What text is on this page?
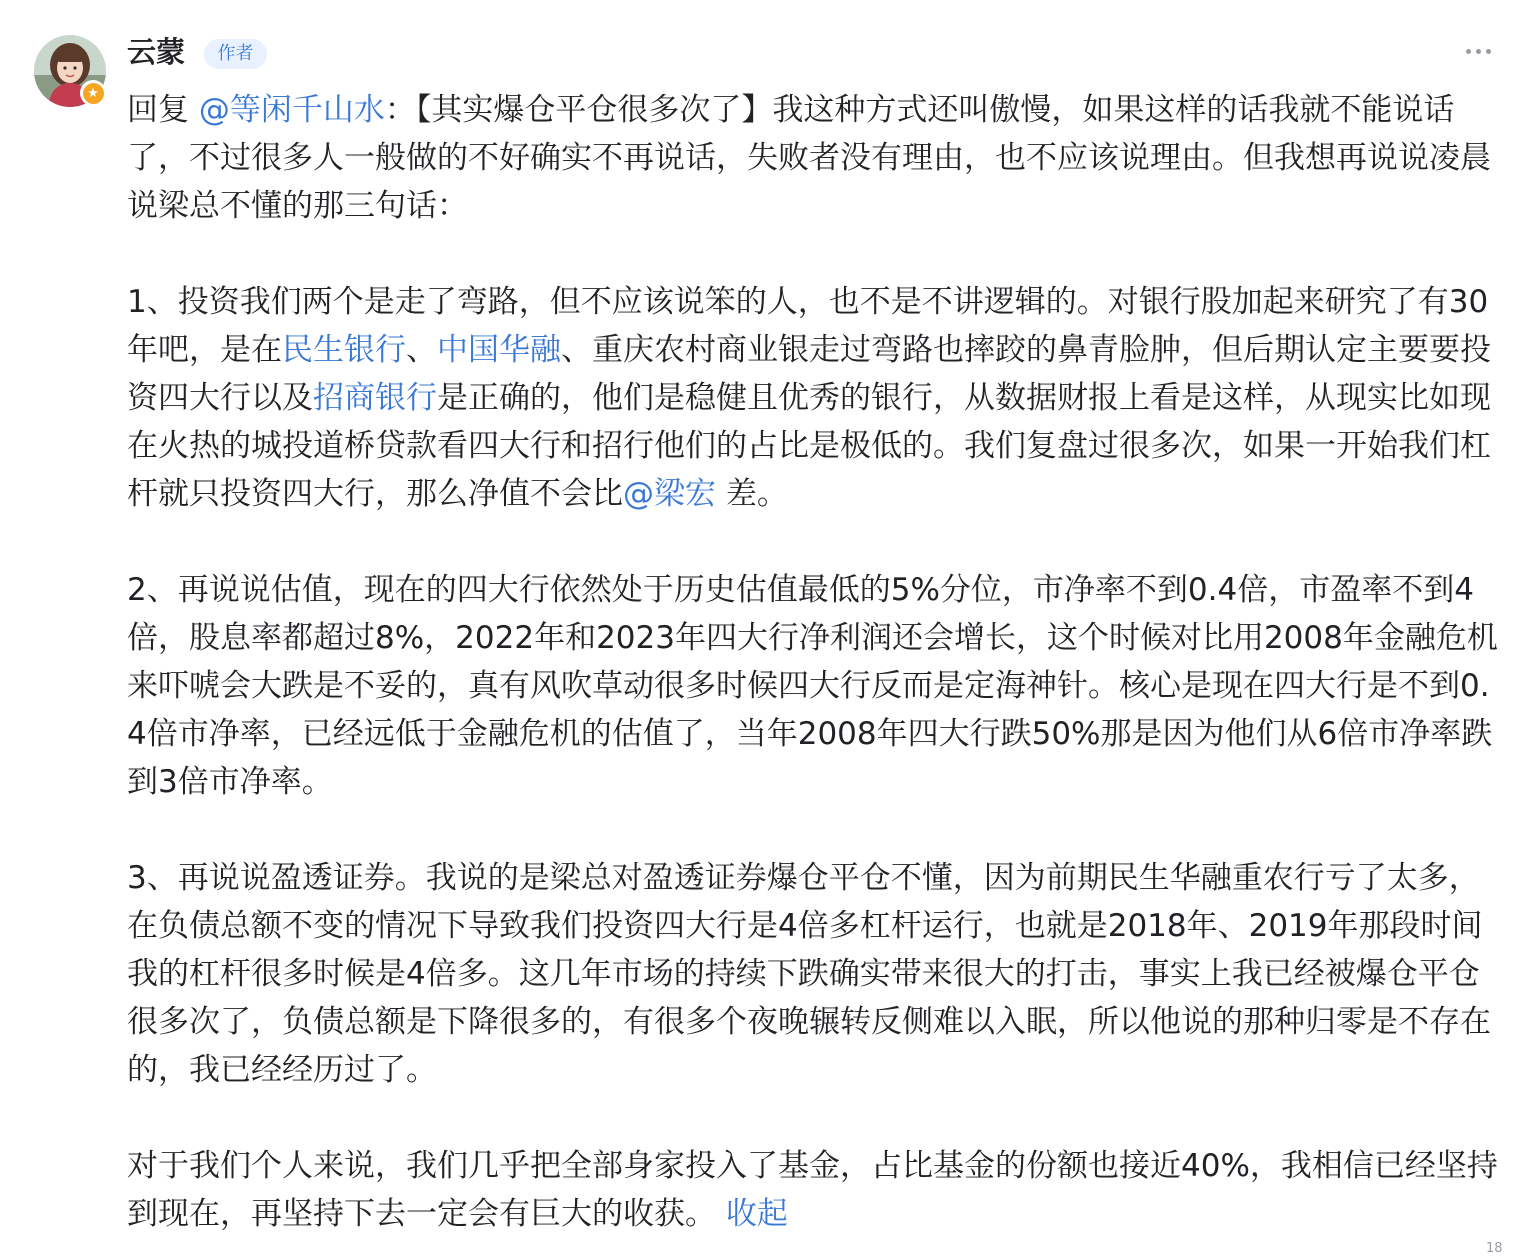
★
云蒙	作者

回复 @等闲千山水：【其实爆仓平仓很多次了】我这种方式还叫傲慢，如果这样的话我就不能说话了，不过很多人一般做的不好确实不再说话，失败者没有理由，也不应该说理由。但我想再说说凌晨说梁总不懂的那三句话：

1、投资我们两个是走了弯路，但不应该说笨的人，也不是不讲逻辑的。对银行股加起来研究了有30年吧，是在民生银行、中国华融、重庆农村商业银走过弯路也摔跤的鼻青脸肿，但后期认定主要要投资四大行以及招商银行是正确的，他们是稳健且优秀的银行，从数据财报上看是这样，从现实比如现在火热的城投道桥贷款看四大行和招行他们的占比是极低的。我们复盘过很多次，如果一开始我们杠杆就只投资四大行，那么净值不会比@梁宏 差。

2、再说说估值，现在的四大行依然处于历史估值最低的5%分位，市净率不到0.4倍，市盈率不到4倍，股息率都超过8%，2022年和2023年四大行净利润还会增长，这个时候对比用2008年金融危机来吓唬会大跌是不妥的，真有风吹草动很多时候四大行反而是定海神针。核心是现在四大行是不到0.4倍市净率，已经远低于金融危机的估值了，当年2008年四大行跌50%那是因为他们从6倍市净率跌到3倍市净率。

3、再说说盈透证券。我说的是梁总对盈透证券爆仓平仓不懂，因为前期民生华融重农行亏了太多，在负债总额不变的情况下导致我们投资四大行是4倍多杠杆运行，也就是2018年、2019年那段时间我的杠杆很多时候是4倍多。这几年市场的持续下跌确实带来很大的打击，事实上我已经被爆仓平仓很多次了，负债总额是下降很多的，有很多个夜晚辗转反侧难以入眠，所以他说的那种归零是不存在的，我已经经历过了。

对于我们个人来说，我们几乎把全部身家投入了基金，占比基金的份额也接近40%，我相信已经坚持到现在，再坚持下去一定会有巨大的收获。 收起

18
